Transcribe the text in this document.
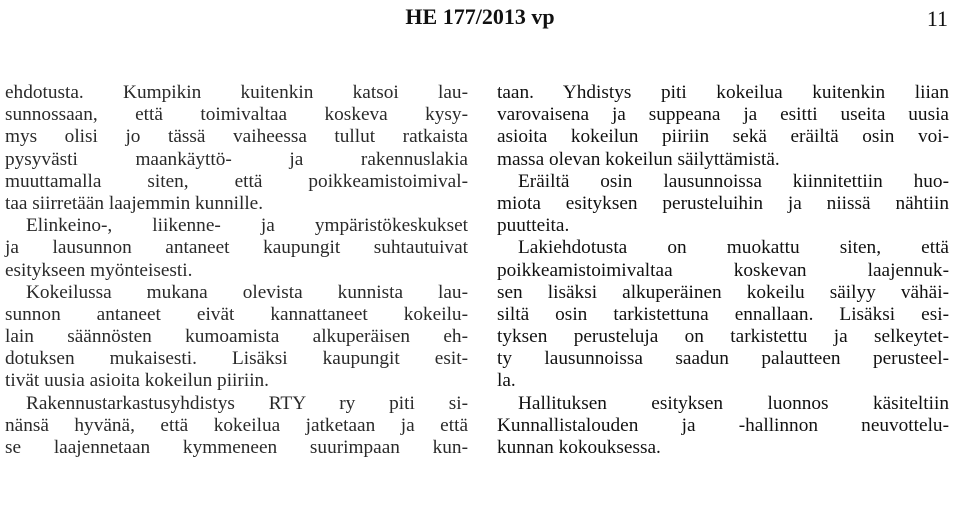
HE 177/2013 vp	11
ehdotusta. Kumpikin kuitenkin katsoi lau-
sunnossaan, että toimivaltaa koskeva kysy-
mys olisi jo tässä vaiheessa tullut ratkaista
pysyvästi maankäyttö- ja rakennuslakia
muuttamalla siten, että poikkeamistoimival-
taa siirretään laajemmin kunnille.
Elinkeino-, liikenne- ja ympäristökeskukset
ja lausunnon antaneet kaupungit suhtautuivat
esitykseen myönteisesti.
Kokeilussa mukana olevista kunnista lau-
sunnon antaneet eivät kannattaneet kokeilu-
lain säännösten kumoamista alkuperäisen eh-
dotuksen mukaisesti. Lisäksi kaupungit esit-
tivät uusia asioita kokeilun piiriin.
Rakennustarkastusyhdistys RTY ry piti si-
nänsä hyvänä, että kokeilua jatketaan ja että
se laajennetaan kymmeneen suurimpaan kun-
taan. Yhdistys piti kokeilua kuitenkin liian
varovaisena ja suppeana ja esitti useita uusia
asioita kokeilun piiriin sekä eräiltä osin voi-
massa olevan kokeilun säilyttämistä.
Eräiltä osin lausunnoissa kiinnitettiin huo-
miota esityksen perusteluihin ja niissä nähtiin
puutteita.
Lakiehdotusta on muokattu siten, että
poikkeamistoimivaltaa koskevan laajennuk-
sen lisäksi alkuperäinen kokeilu säilyy vähäi-
siltä osin tarkistettuna ennallaan. Lisäksi esi-
tyksen perusteluja on tarkistettu ja selkeytet-
ty lausunnoissa saadun palautteen perusteel-
la.
Hallituksen esityksen luonnos käsiteltiin
Kunnallistalouden ja -hallinnon neuvottelu-
kunnan kokouksessa.
